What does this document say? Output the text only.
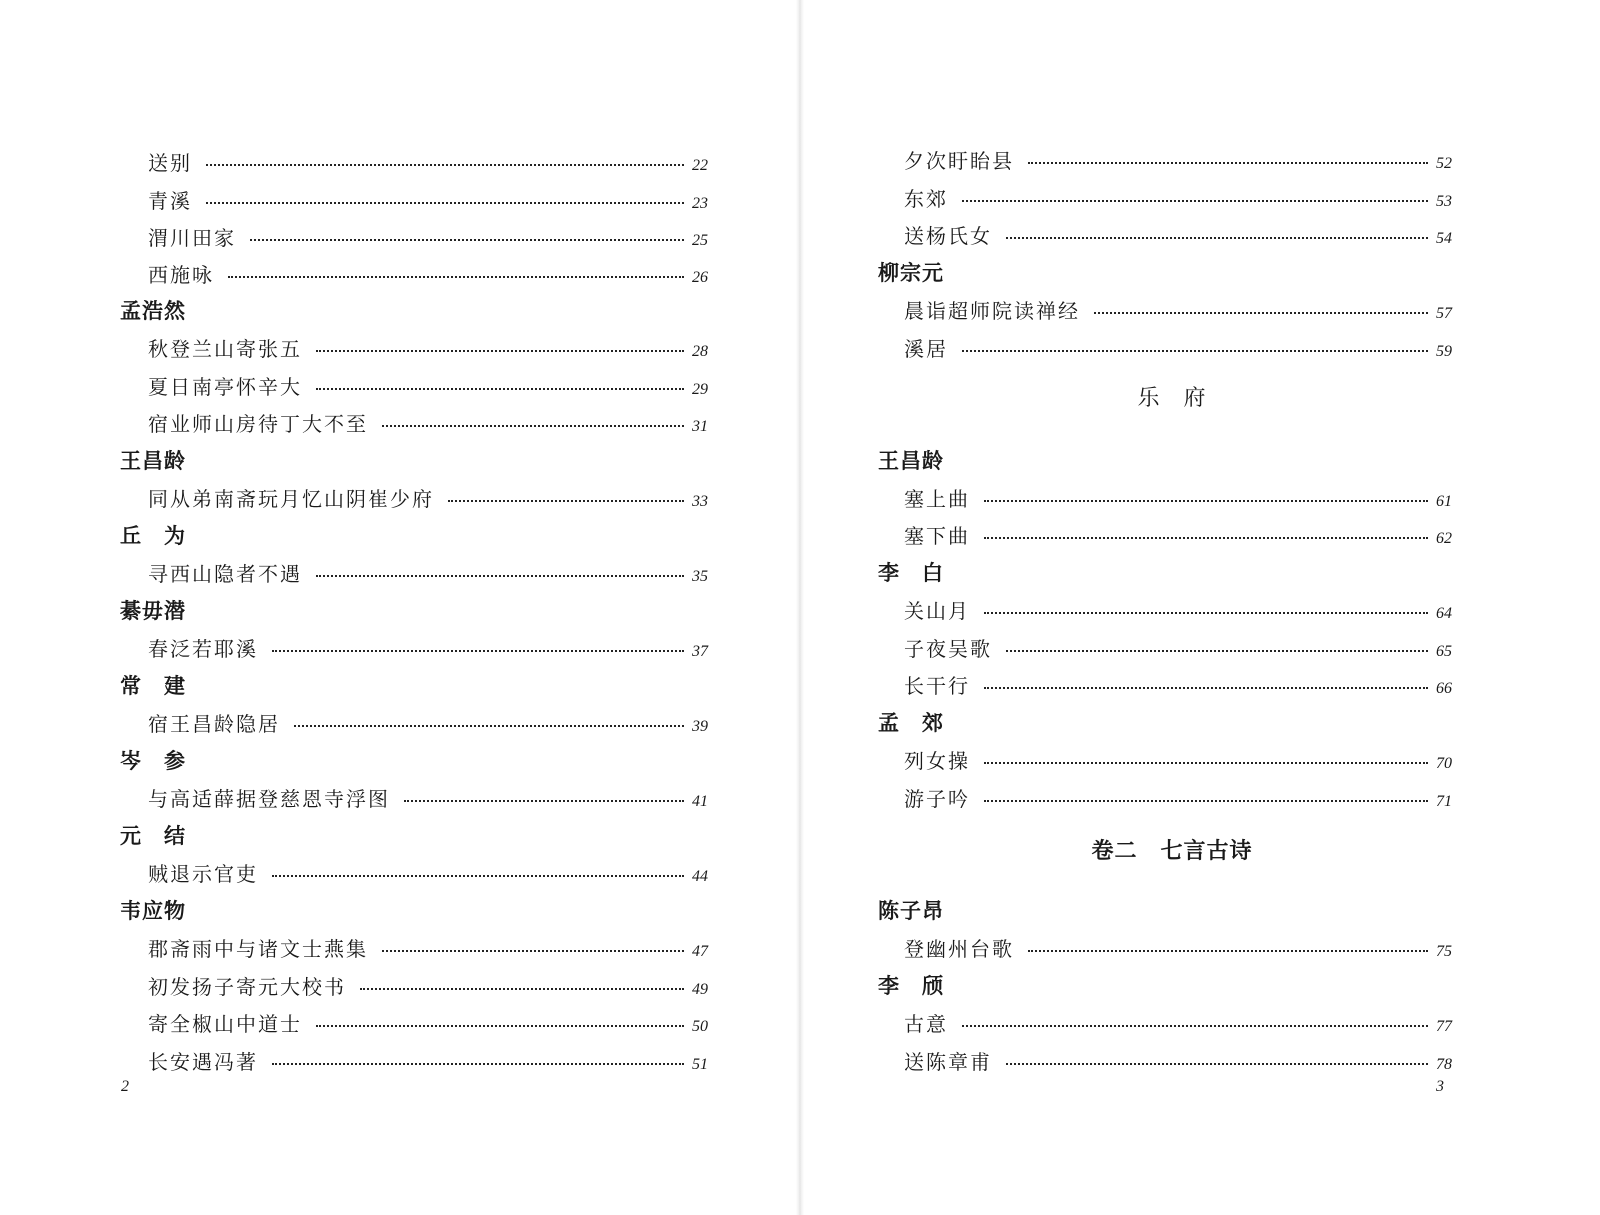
送别	22
青溪	23
渭川田家	25
西施咏	26
孟浩然
秋登兰山寄张五	28
夏日南亭怀辛大	29
宿业师山房待丁大不至	31
王昌龄
同从弟南斋玩月忆山阴崔少府	33
丘　为
寻西山隐者不遇	35
綦毋潜
春泛若耶溪	37
常　建
宿王昌龄隐居	39
岑　参
与高适薛据登慈恩寺浮图	41
元　结
贼退示官吏	44
韦应物
郡斋雨中与诸文士燕集	47
初发扬子寄元大校书	49
寄全椒山中道士	50
长安遇冯著	51
2
夕次盱眙县	52
东郊	53
送杨氏女	54
柳宗元
晨诣超师院读禅经	57
溪居	59
乐　府
王昌龄
塞上曲	61
塞下曲	62
李　白
关山月	64
子夜吴歌	65
长干行	66
孟　郊
列女操	70
游子吟	71
卷二　七言古诗
陈子昂
登幽州台歌	75
李　颀
古意	77
送陈章甫	78
3
